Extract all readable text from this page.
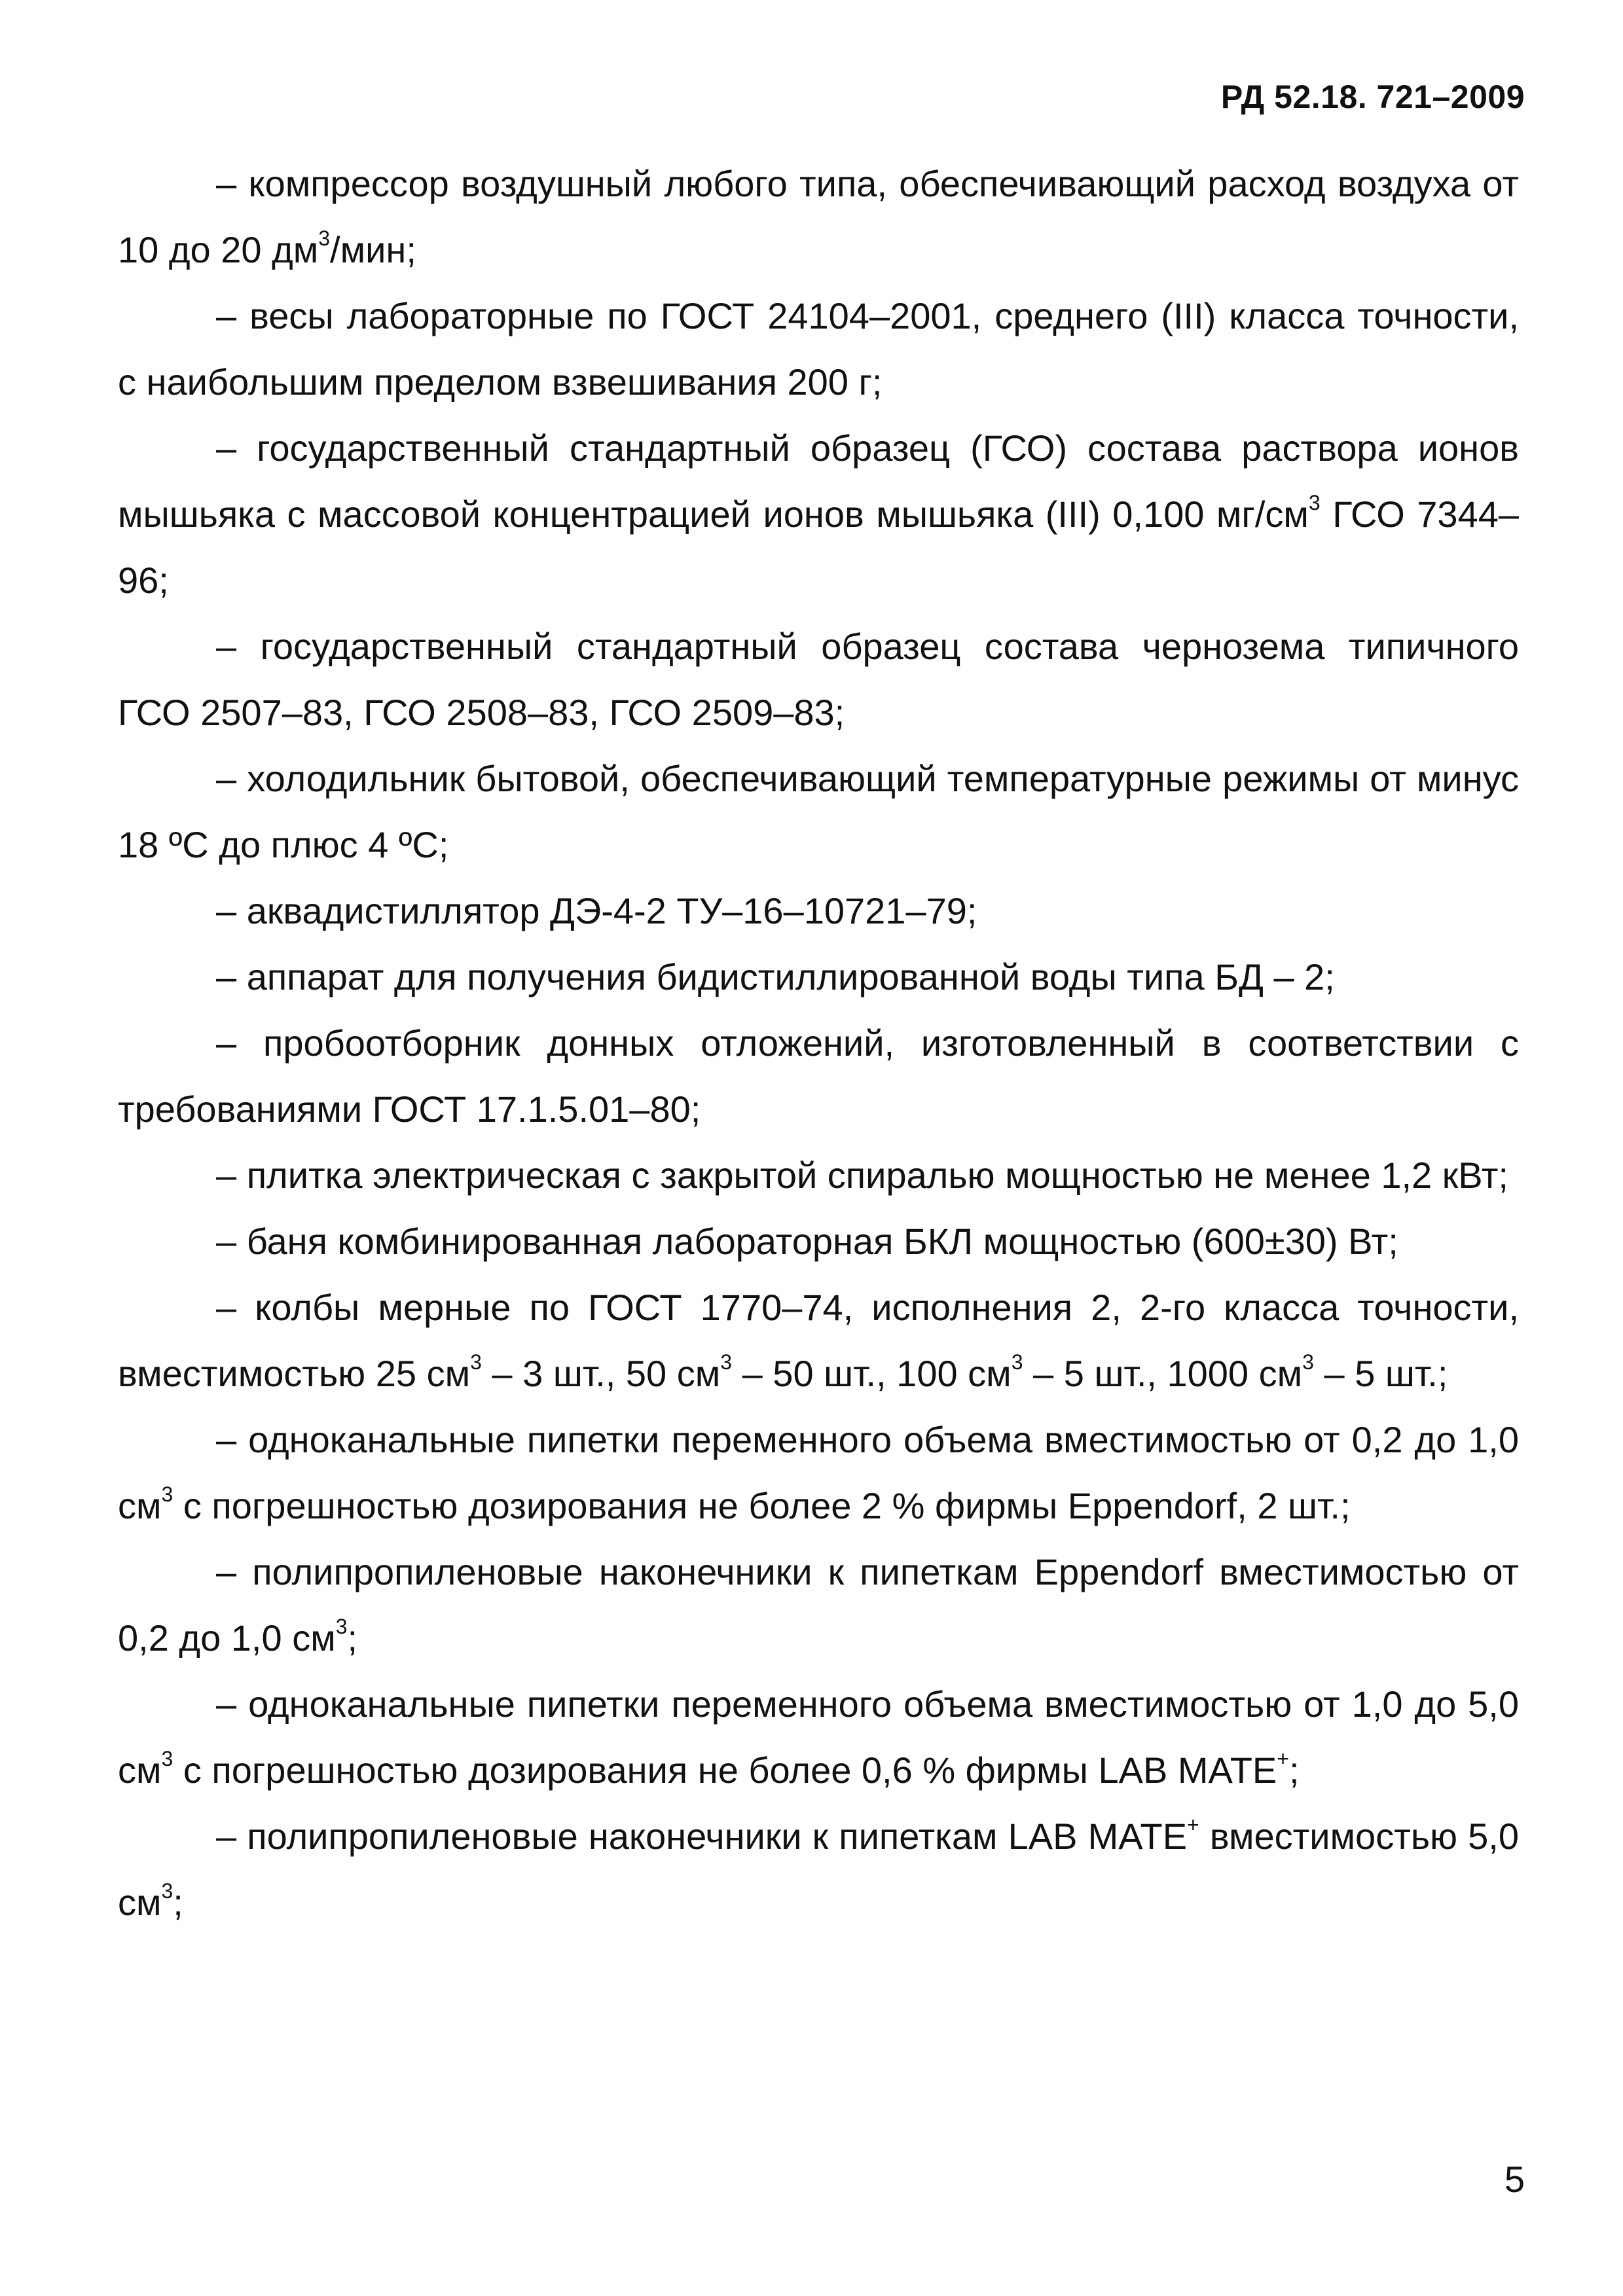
РД 52.18. 721–2009

– компрессор воздушный любого типа, обеспечивающий расход воздуха от 10 до 20 $дм^3$/мин;

– весы лабораторные по ГОСТ 24104–2001, среднего (III) класса точности, с наибольшим пределом взвешивания 200 г;

– государственный стандартный образец (ГСО) состава раствора ионов мышьяка с массовой концентрацией ионов мышьяка (III) 0,100 $мг/см^3$ ГСО 7344–96;

– государственный стандартный образец состава чернозема типичного ГСО 2507–83, ГСО 2508–83, ГСО 2509–83;

– холодильник бытовой, обеспечивающий температурные режимы от минус 18 ºС до плюс 4 ºС;

– аквадистиллятор ДЭ-4-2 ТУ–16–10721–79;

– аппарат для получения бидистиллированной воды типа БД – 2;

– пробоотборник донных отложений, изготовленный в соответствии с требованиями ГОСТ 17.1.5.01–80;

– плитка электрическая с закрытой спиралью мощностью не менее 1,2 кВт;

– баня комбинированная лабораторная БКЛ мощностью (600±30) Вт;

– колбы мерные по ГОСТ 1770–74, исполнения 2, 2-го класса точности, вместимостью 25 $см^3 - 3$ шт., 50 $см^3 - 50$ шт., 100 $см^3 - 5$ шт., 1000 $см^3 - 5$ шт.;

– одноканальные пипетки переменного объема вместимостью от 0,2 до 1,0 $см^3$ с погрешностью дозирования не более 2 % фирмы Eppendorf, 2 шт.;

– полипропиленовые наконечники к пипеткам Eppendorf вместимостью от 0,2 до 1,0 $см^3$;

– одноканальные пипетки переменного объема вместимостью от 1,0 до 5,0 $см^3$ с погрешностью дозирования не более 0,6 % фирмы LAB MATE+;

– полипропиленовые наконечники к пипеткам LAB MATE+ вместимостью 5,0 $см^3$;

5
